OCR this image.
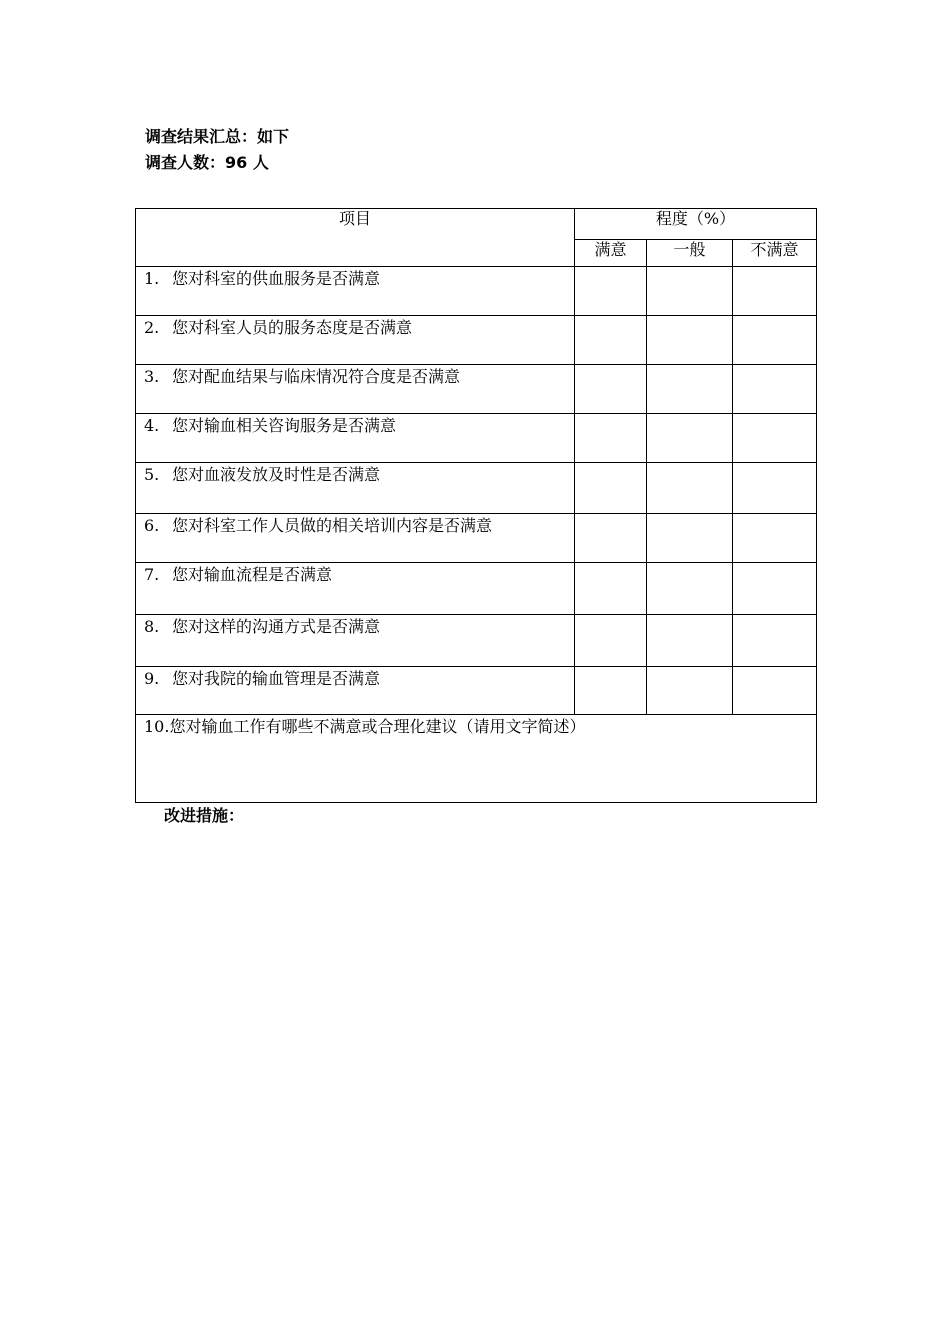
调查结果汇总：如下
调查人数：96 人
项目	程度（%）		
	满意	一般	不满意

1. 您对科室的供血服务是否满意			

2. 您对科室人员的服务态度是否满意			

3. 您对配血结果与临床情况符合度是否满意			

4. 您对输血相关咨询服务是否满意			

5. 您对血液发放及时性是否满意			

6. 您对科室工作人员做的相关培训内容是否满意			

7. 您对输血流程是否满意			

8. 您对这样的沟通方式是否满意			

9. 您对我院的输血管理是否满意			

10.您对输血工作有哪些不满意或合理化建议（请用文字简述）			
改进措施：
